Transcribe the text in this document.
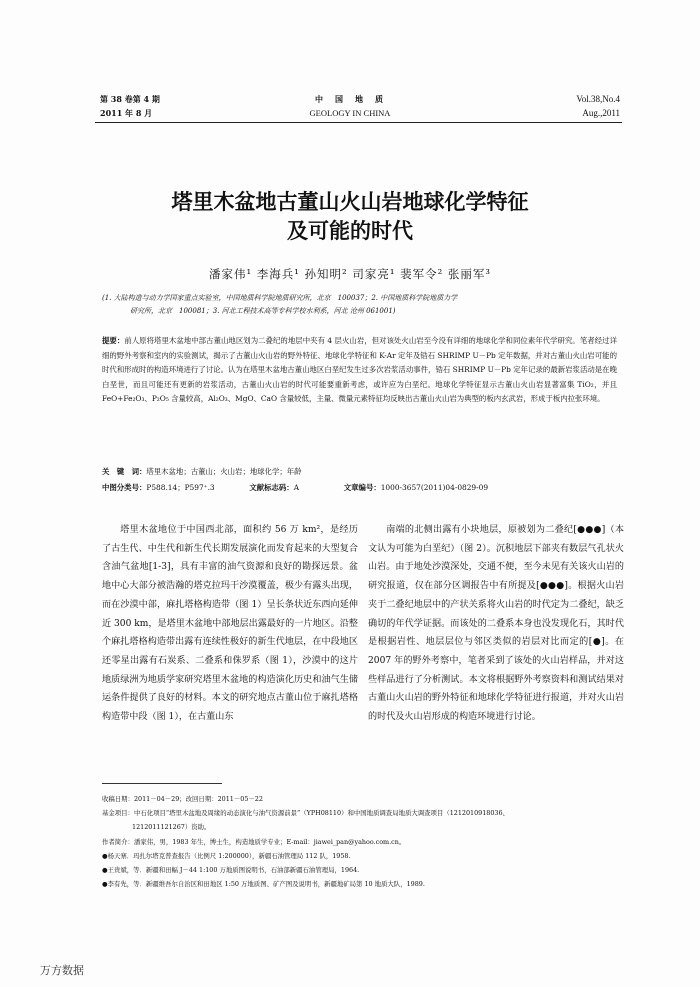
第 38 卷第 4 期
2011 年 8 月
中　国　地　质
GEOLOGY IN CHINA
Vol.38,No.4
Aug.,2011
塔里木盆地古董山火山岩地球化学特征
及可能的时代
潘家伟¹ 李海兵¹ 孙知明² 司家亮¹ 裴军令² 张丽军³
(1. 大陆构造与动力学国家重点实验室，中国地质科学院地质研究所，北京　100037；2. 中国地质科学院地质力学
研究所，北京　100081；3. 河北工程技术高等专科学校水利系，河北 沧州 061001)
提要：前人原将塔里木盆地中部古董山地区划为二叠纪的地层中夹有 4 层火山岩，但对该处火山岩至今没有详细的地球化学和同位素年代学研究。笔者经过详细的野外考察和室内的实验测试，揭示了古董山火山岩的野外特征、地球化学特征和 K-Ar 定年及锆石 SHRIMP U－Pb 定年数据，并对古董山火山岩可能的时代和形成时的构造环境进行了讨论。认为在塔里木盆地古董山地区白垩纪发生过多次岩浆活动事件，锆石 SHRIMP U－Pb 定年记录的最新岩浆活动是在晚白垩世，而且可能还有更新的岩浆活动，古董山火山岩的时代可能要重新考虑，或许应为白垩纪。地球化学特征显示古董山火山岩显著富集 TiO₂，并且 FeO+Fe₂O₃、P₂O₅ 含量较高，Al₂O₃、MgO、CaO 含量较低，主量、微量元素特征均反映出古董山火山岩为典型的板内玄武岩，形成于板内拉张环境。
关　键　词：塔里木盆地；古董山；火山岩；地球化学；年龄
中图分类号：P588.14；P597⁺.3	文献标志码：A	文章编号：1000-3657(2011)04-0829-09
塔里木盆地位于中国西北部，面积约 56 万 km²，是经历了古生代、中生代和新生代长期发展演化而发育起来的大型复合含油气盆地[1-3]，具有丰富的油气资源和良好的勘探远景。盆地中心大部分被浩瀚的塔克拉玛干沙漠覆盖，极少有露头出现，而在沙漠中部，麻扎塔格构造带（图 1）呈长条状近东西向延伸近 300 km，是塔里木盆地中部地层出露最好的一片地区。沿整个麻扎塔格构造带出露有连续性极好的新生代地层，在中段地区还零星出露有石炭系、二叠系和侏罗系（图 1），沙漠中的这片地质绿洲为地质学家研究塔里木盆地的构造演化历史和油气生储运条件提供了良好的材料。本文的研究地点古董山位于麻扎塔格构造带中段（图 1），在古董山东
南端的北侧出露有小块地层，原被划为二叠纪[●●●]（本文认为可能为白垩纪）（图 2）。沉积地层下部夹有数层气孔状火山岩。由于地处沙漠深处，交通不便，至今未见有关该火山岩的研究报道，仅在部分区调报告中有所提及[●●●]。根据火山岩夹于二叠纪地层中的产状关系将火山岩的时代定为二叠纪，缺乏确切的年代学证据。而该处的二叠系本身也没发现化石，其时代是根据岩性、地层层位与邻区类似的岩层对比而定的[●]。在 2007 年的野外考察中，笔者采到了该处的火山岩样品，并对这些样品进行了分析测试。本文将根据野外考察资料和测试结果对古董山火山岩的野外特征和地球化学特征进行报道，并对火山岩的时代及火山岩形成的构造环境进行讨论。
收稿日期：2011－04－29；改回日期：2011－05－22
基金项目：中石化项目“塔里木盆地及周缘的动态演化与油气资源前景”（YPH08110）和中国地质调查局地质大调查项目（1212010918036、
1212011121267）资助。
作者简介：潘家伟，男，1983 年生，博士生，构造地质学专业；E-mail：jiawei_pan@yahoo.com.cn。
●杨天寨．玛扎尔塔克普查报告（比例尺 1:200000），新疆石油管理局 112 队，1958.
●王贵斌，等．新疆和田幅 J－44 1:100 万地质图说明书，石油部新疆石油管理局，1964.
●李有先，等．新疆维吾尔自治区和田地区 1:50 万地质图、矿产图及说明书，新疆地矿局第 10 地质大队，1989.
万方数据
